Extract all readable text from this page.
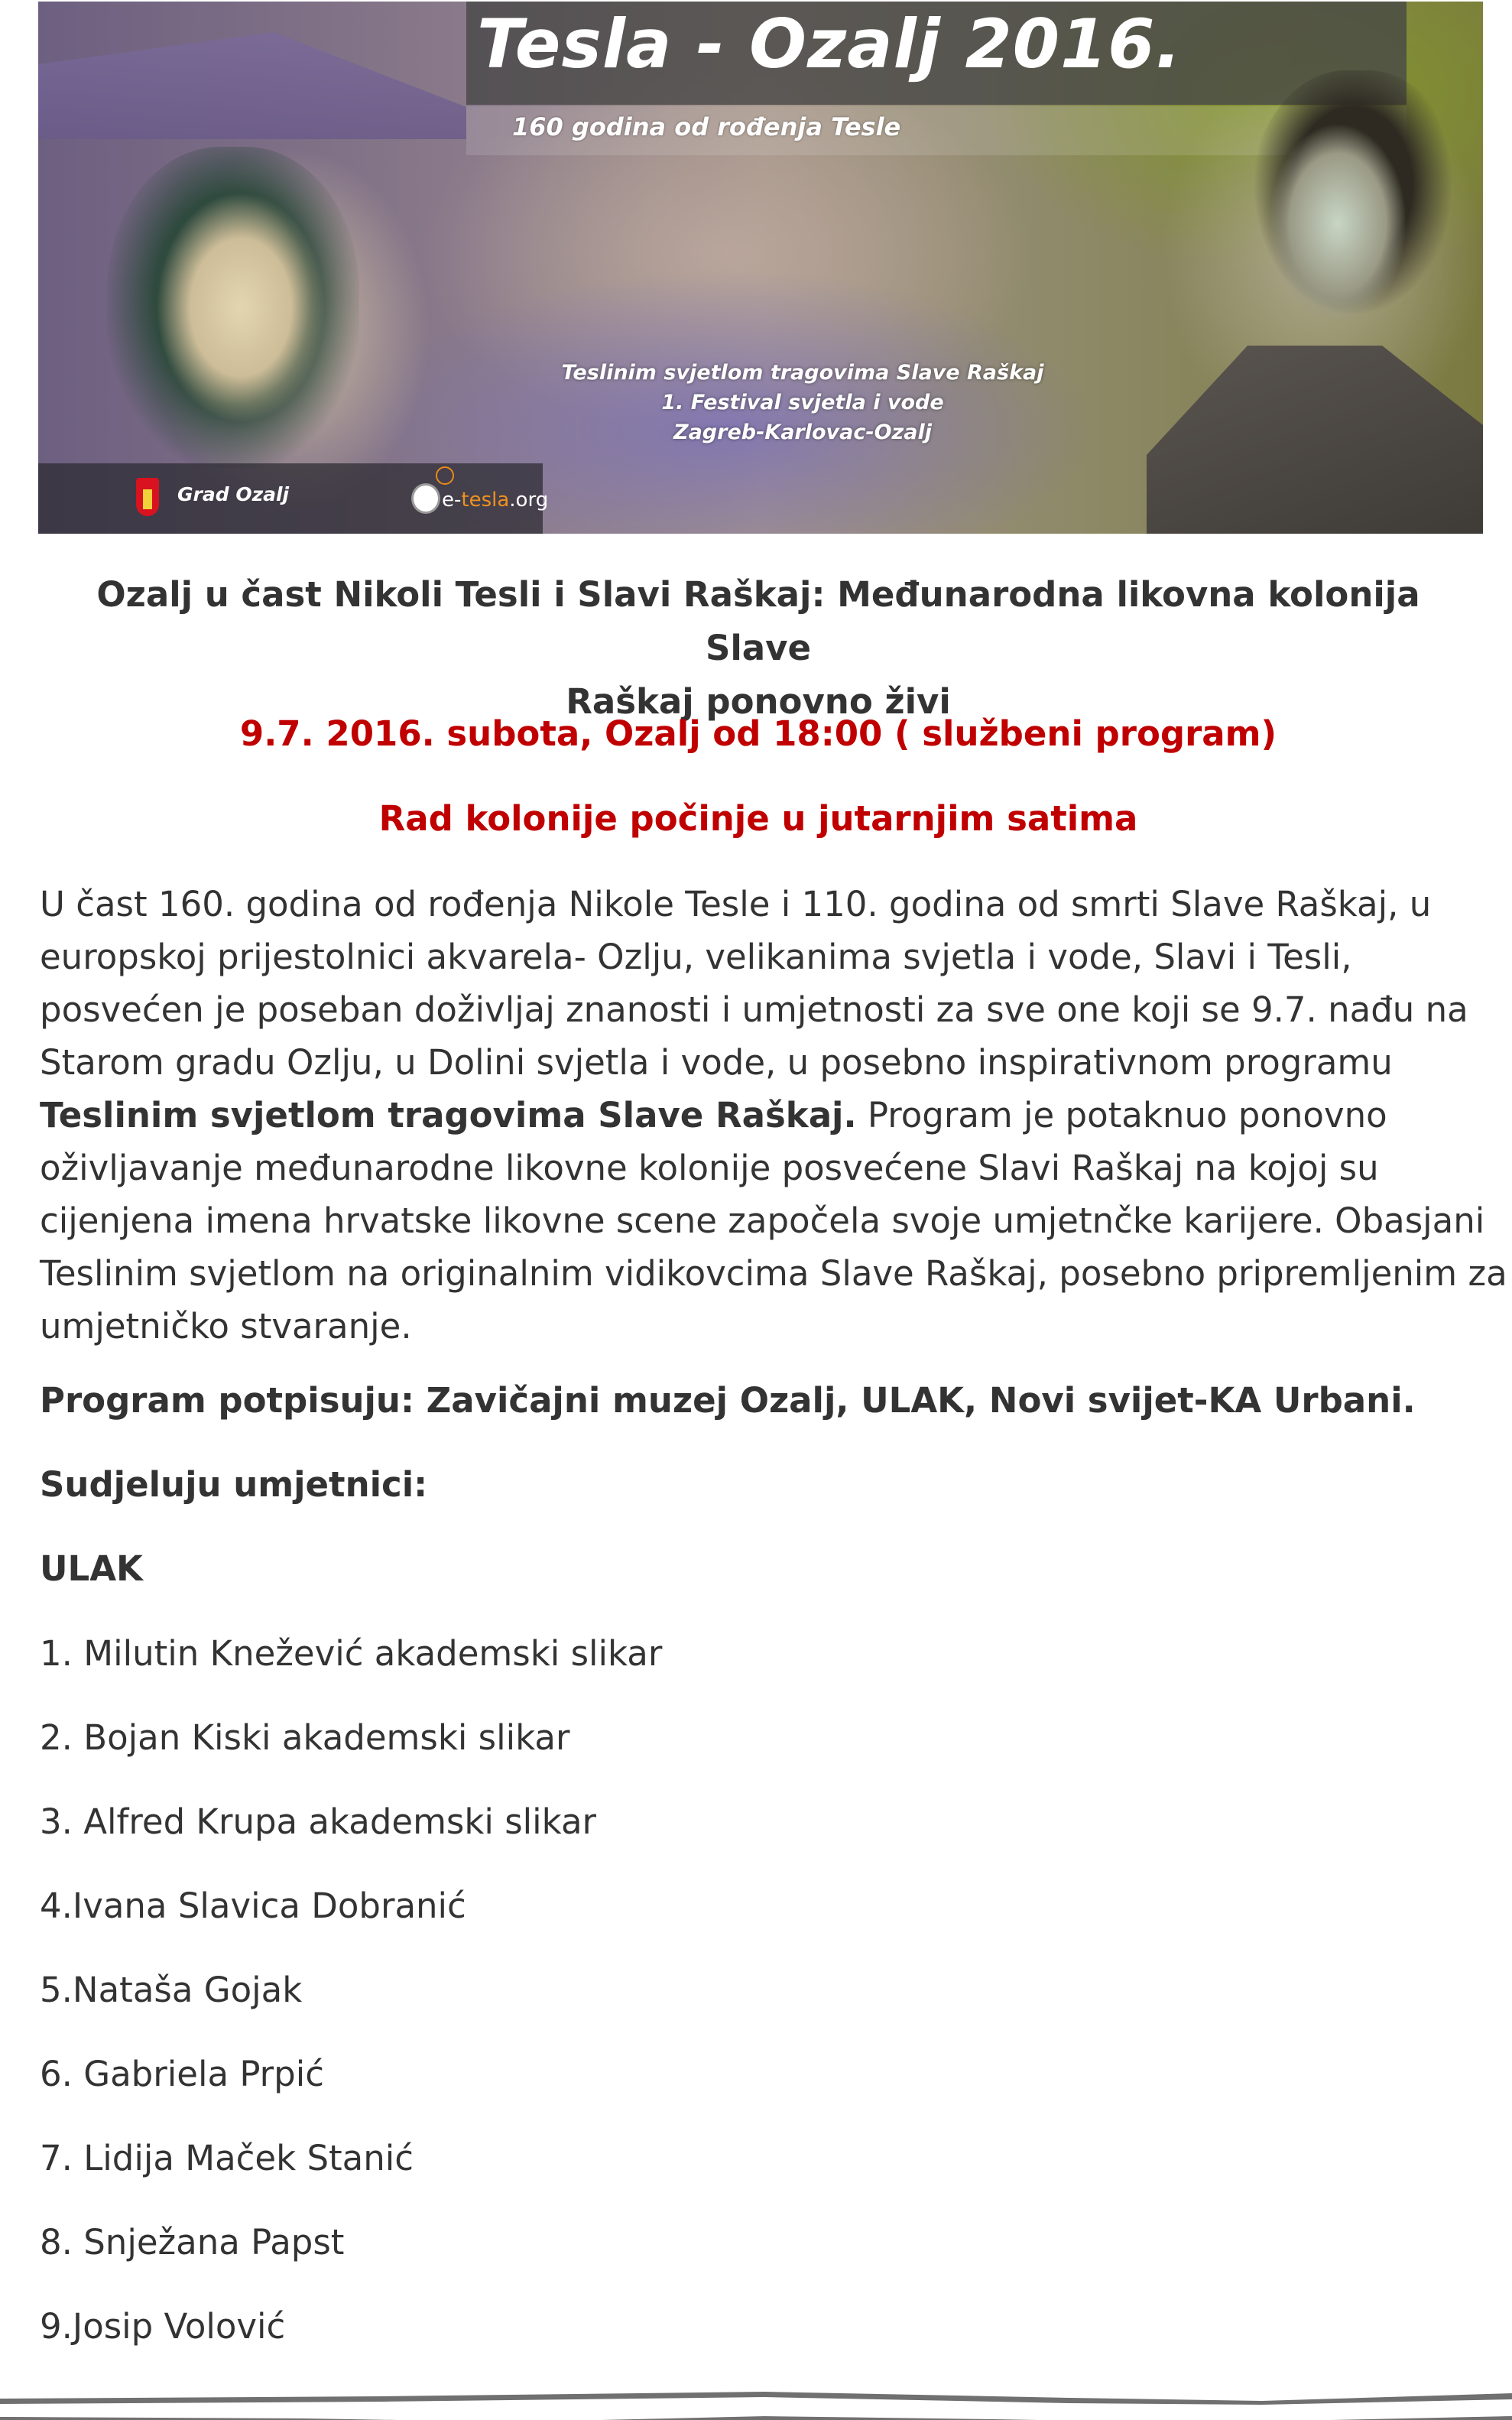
Tesla - Ozalj 2016.
160 godina od rođenja Tesle
Teslinim svjetlom tragovima Slave Raškaj
1. Festival svjetla i vode
Zagreb-Karlovac-Ozalj
Grad Ozalj	e-tesla.org
Ozalj u čast Nikoli Tesli i Slavi Raškaj: Međunarodna likovna kolonija Slave
Raškaj ponovno živi
9.7. 2016. subota, Ozalj od 18:00 ( službeni program)
Rad kolonije počinje u jutarnjim satima
U čast 160. godina od rođenja Nikole Tesle i 110. godina od smrti Slave Raškaj, u
europskoj prijestolnici akvarela- Ozlju, velikanima svjetla i vode, Slavi i Tesli,
posvećen je poseban doživljaj znanosti i umjetnosti za sve one koji se 9.7. nađu na
Starom gradu Ozlju, u Dolini svjetla i vode, u posebno inspirativnom programu
Teslinim svjetlom tragovima Slave Raškaj. Program je potaknuo ponovno
oživljavanje međunarodne likovne kolonije posvećene Slavi Raškaj na kojoj su
cijenjena imena hrvatske likovne scene započela svoje umjetnčke karijere. Obasjani
Teslinim svjetlom na originalnim vidikovcima Slave Raškaj, posebno pripremljenim za
umjetničko stvaranje.
Program potpisuju: Zavičajni muzej Ozalj, ULAK, Novi svijet-KA Urbani.
Sudjeluju umjetnici:
ULAK
1. Milutin Knežević akademski slikar
2. Bojan Kiski akademski slikar
3. Alfred Krupa akademski slikar
4.Ivana Slavica Dobranić
5.Nataša Gojak
6. Gabriela Prpić
7. Lidija Maček Stanić
8. Snježana Papst
9.Josip Volović
